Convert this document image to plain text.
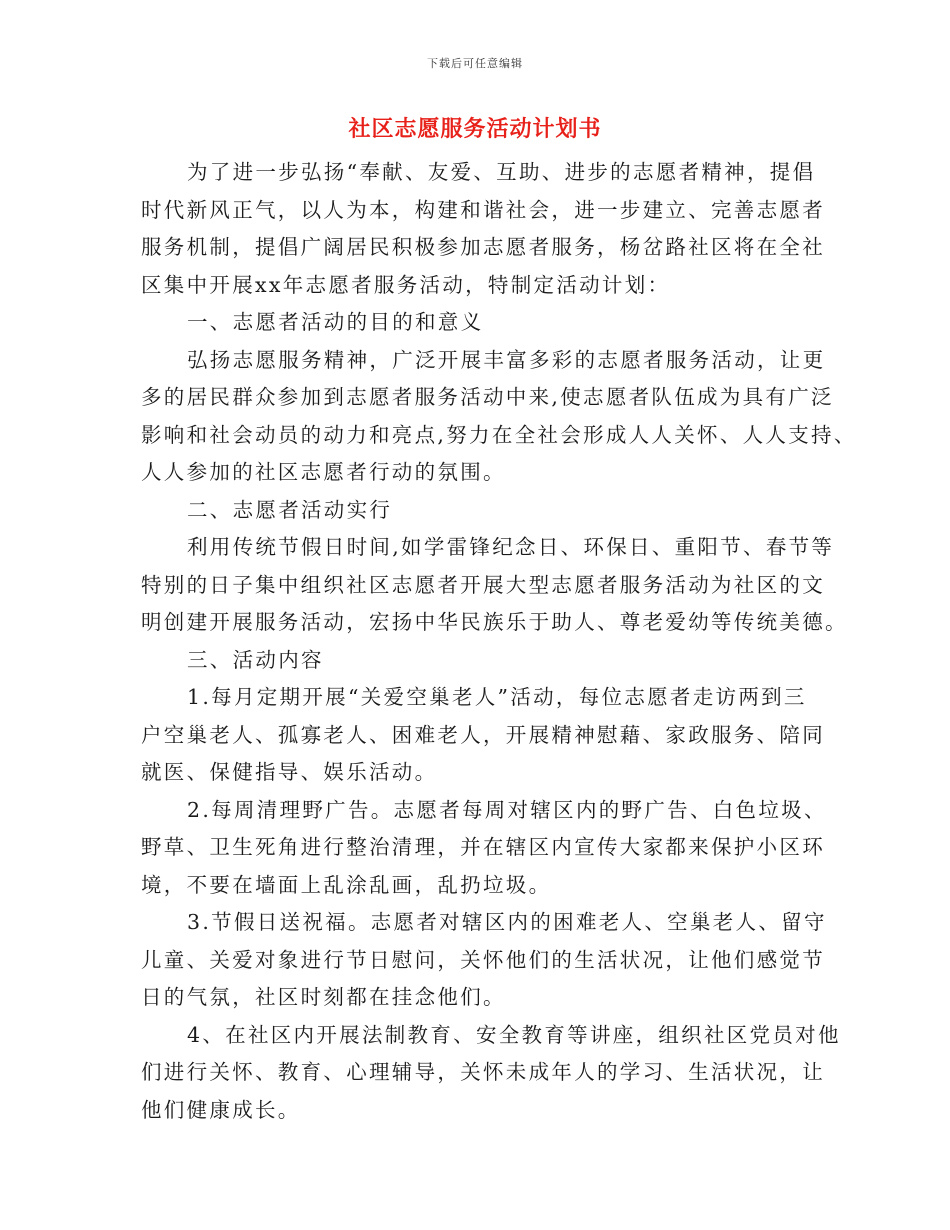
下载后可任意编辑
社区志愿服务活动计划书

为了进一步弘扬“奉献、友爱、互助、进步的志愿者精神，提倡
时代新风正气，以人为本，构建和谐社会，进一步建立、完善志愿者
服务机制，提倡广阔居民积极参加志愿者服务，杨岔路社区将在全社
区集中开展xx年志愿者服务活动，特制定活动计划：

一、志愿者活动的目的和意义

弘扬志愿服务精神，广泛开展丰富多彩的志愿者服务活动，让更
多的居民群众参加到志愿者服务活动中来,使志愿者队伍成为具有广泛
影响和社会动员的动力和亮点,努力在全社会形成人人关怀、人人支持、
人人参加的社区志愿者行动的氛围。

二、志愿者活动实行

利用传统节假日时间,如学雷锋纪念日、环保日、重阳节、春节等
特别的日子集中组织社区志愿者开展大型志愿者服务活动为社区的文
明创建开展服务活动，宏扬中华民族乐于助人、尊老爱幼等传统美德。

三、活动内容

1.每月定期开展“关爱空巢老人”活动，每位志愿者走访两到三
户空巢老人、孤寡老人、困难老人，开展精神慰藉、家政服务、陪同
就医、保健指导、娱乐活动。

2.每周清理野广告。志愿者每周对辖区内的野广告、白色垃圾、
野草、卫生死角进行整治清理，并在辖区内宣传大家都来保护小区环
境，不要在墙面上乱涂乱画，乱扔垃圾。

3.节假日送祝福。志愿者对辖区内的困难老人、空巢老人、留守
儿童、关爱对象进行节日慰问，关怀他们的生活状况，让他们感觉节
日的气氛，社区时刻都在挂念他们。

4、在社区内开展法制教育、安全教育等讲座，组织社区党员对他
们进行关怀、教育、心理辅导，关怀未成年人的学习、生活状况，让
他们健康成长。
